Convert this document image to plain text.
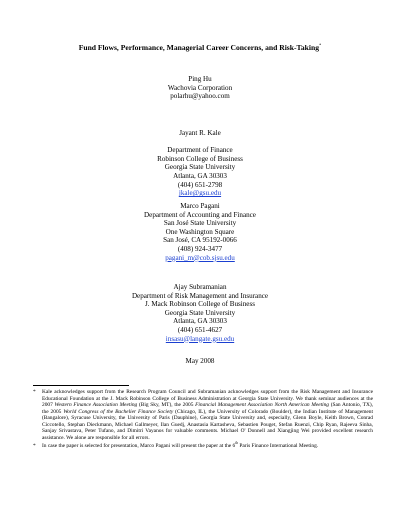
Fund Flows, Performance, Managerial Career Concerns, and Risk-Taking*
Ping Hu
Wachovia Corporation
polarhu@yahoo.com
Jayant R. Kale

Department of Finance
Robinson College of Business
Georgia State University
Atlanta, GA 30303
(404) 651-2798
jkale@gsu.edu
Marco Pagani
Department of Accounting and Finance
San José State University
One Washington Square
San José, CA 95192-0066
(408) 924-3477
pagani_m@cob.sjsu.edu
Ajay Subramanian
Department of Risk Management and Insurance
J. Mack Robinson College of Business
Georgia State University
Atlanta, GA 30303
(404) 651-4627
insasu@langate.gsu.edu
May 2008
* Kale acknowledges support from the Research Program Council and Subramanian acknowledges support from the Risk Management and Insurance Educational Foundation at the J. Mack Robinson College of Business Administration at Georgia State University. We thank seminar audiences at the 2007 Western Finance Association Meeting (Big Sky, MT), the 2005 Financial Management Association North American Meeting (San Antonio, TX), the 2005 World Congress of the Bachelier Finance Society (Chicago, IL), the University of Colorado (Boulder), the Indian Institute of Management (Bangalore), Syracuse University, the University of Paris (Dauphine), Georgia State University and, especially, Glenn Boyle, Keith Brown, Conrad Ciccotello, Stephan Dieckmann, Michael Gallmeyer, Ilan Guedj, Anastasia Kartasheva, Sebastien Pouget, Stefan Ruenzi, Chip Ryan, Rajeeva Sinha, Sanjay Srivastava, Peter Tufano, and Dimitri Vayanos for valuable comments. Michael O' Donnell and Xiangjing Wei provided excellent research assistance. We alone are responsible for all errors.
* In case the paper is selected for presentation, Marco Pagani will present the paper at the 6th Paris Finance International Meeting.
